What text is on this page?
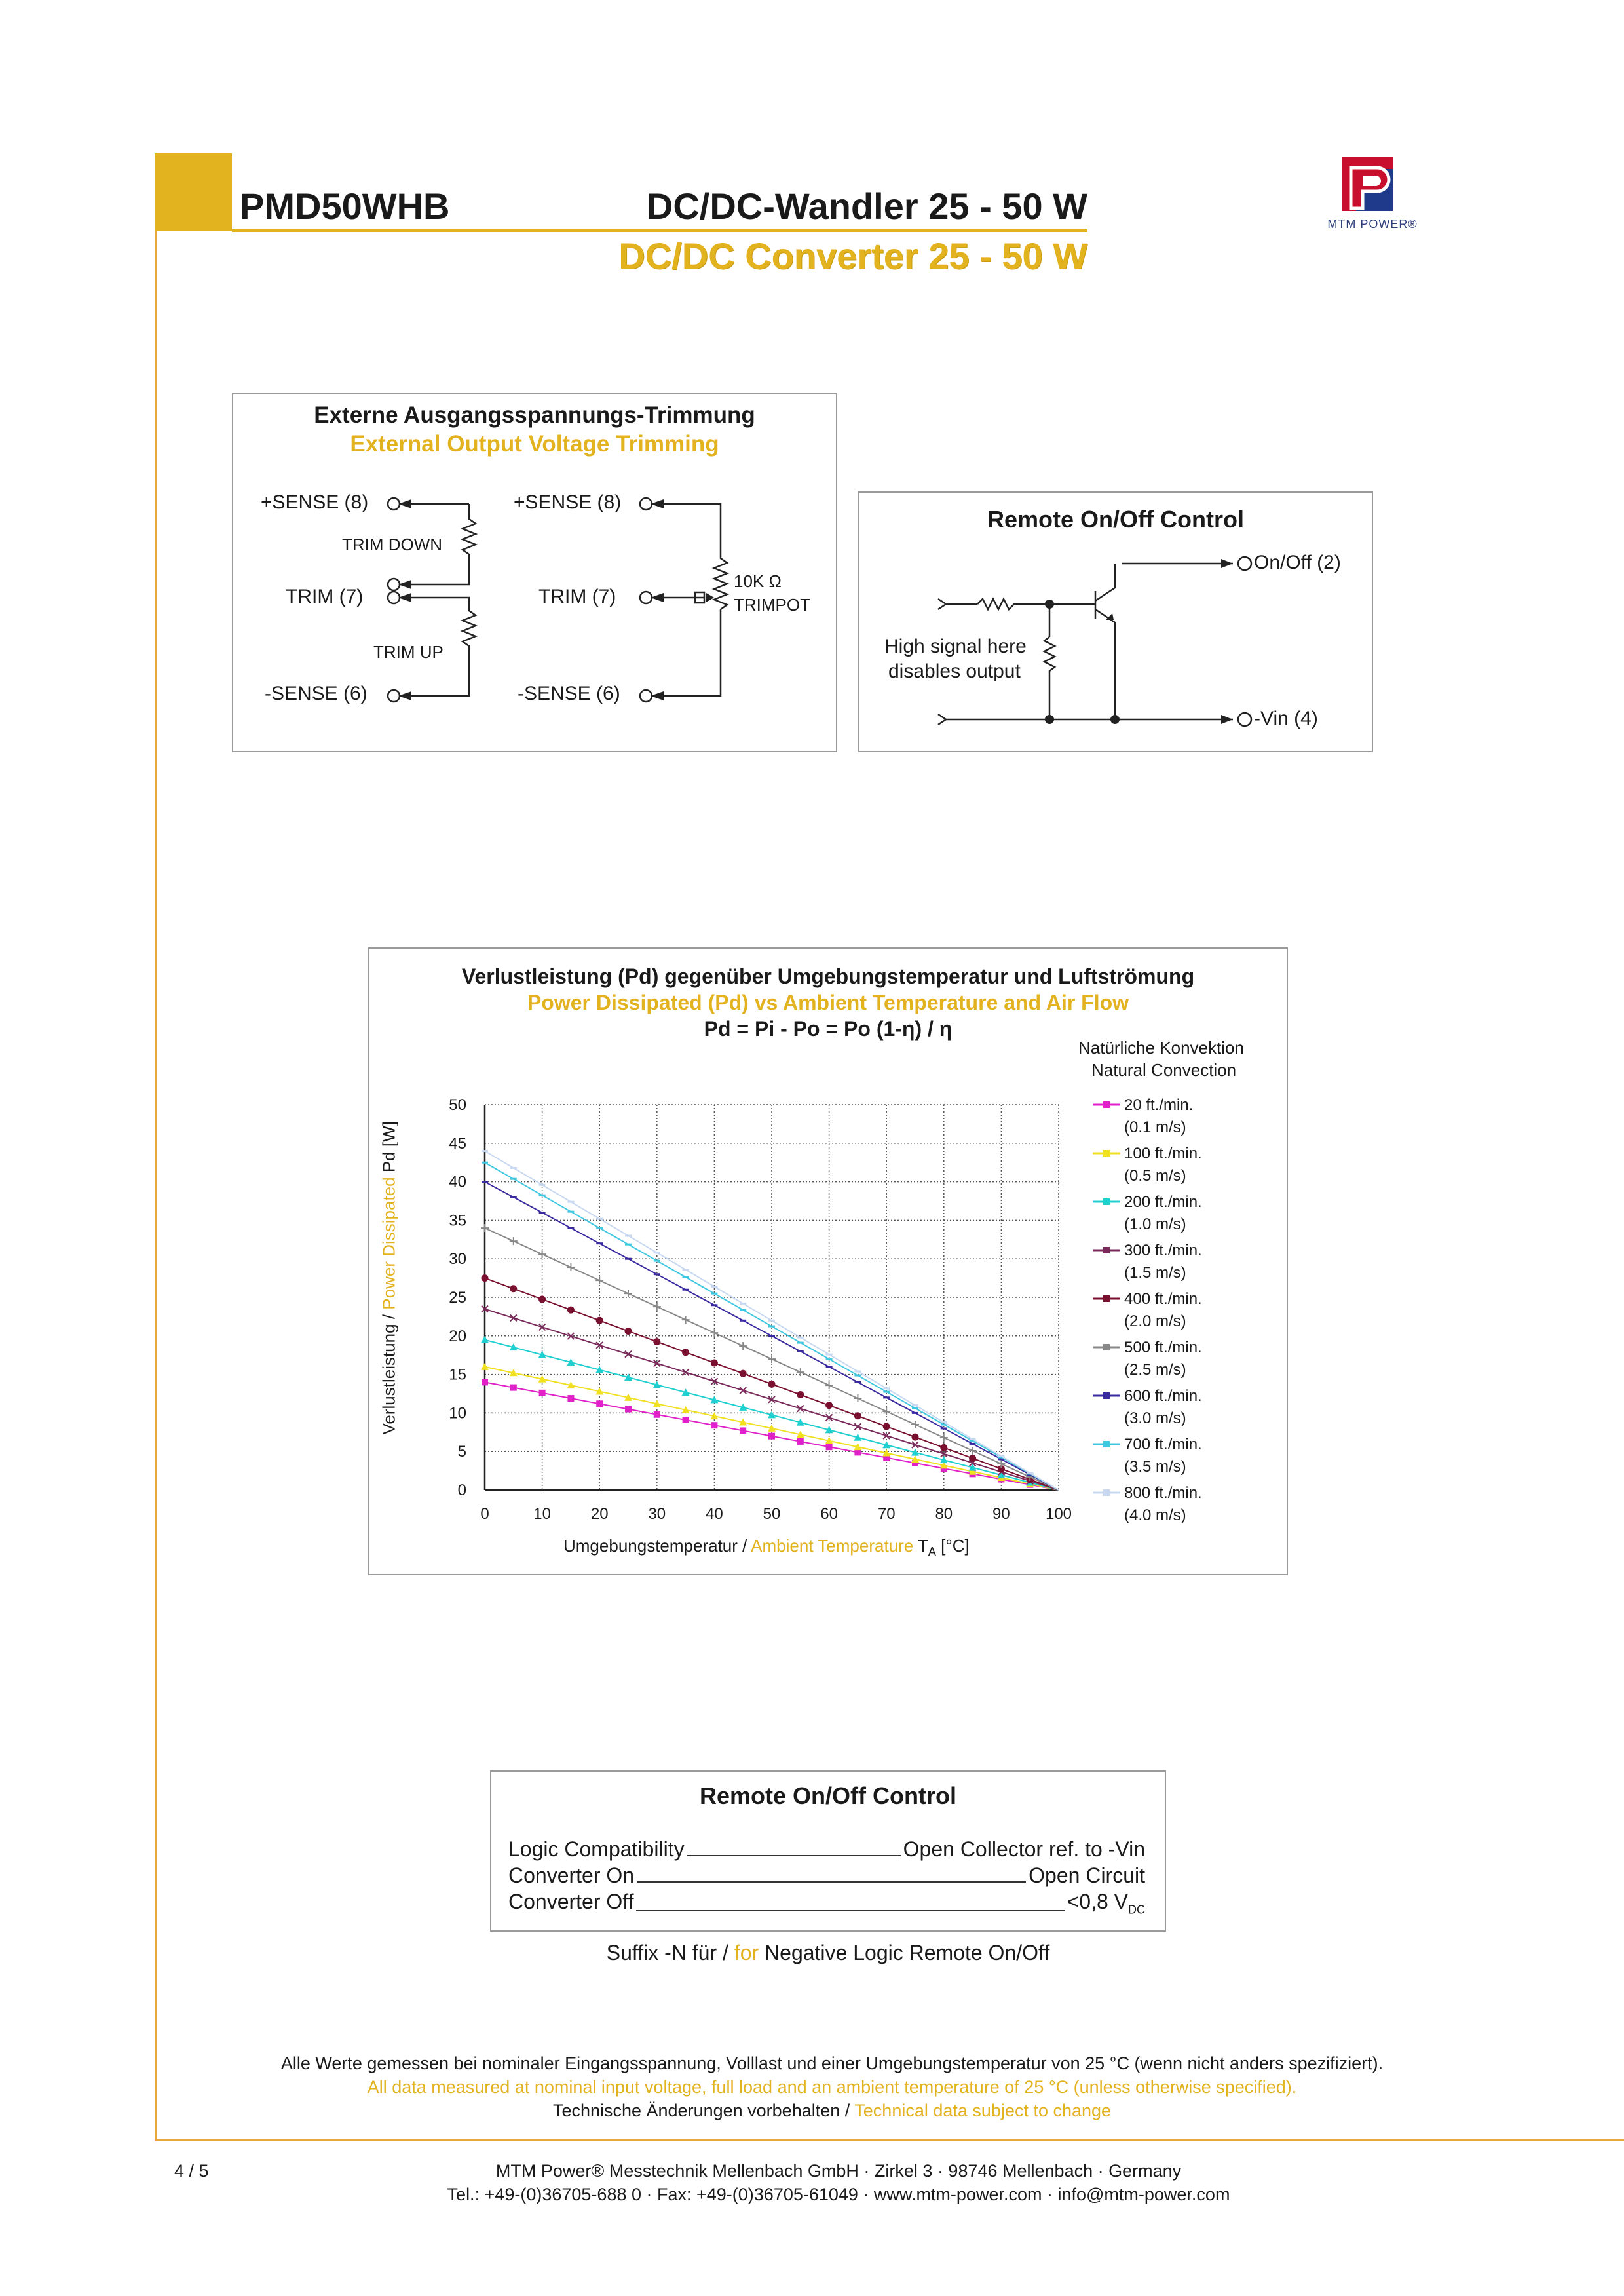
PMD50WHB	DC/DC-Wandler 25 - 50 W
DC/DC Converter 25 - 50 W
MTM POWER®
Externe Ausgangsspannungs-Trimmung
External Output Voltage Trimming
+SENSE (8)
TRIM DOWN
TRIM (7)
TRIM UP
-SENSE (6)
+SENSE (8)
TRIM (7)
-SENSE (6)
10K Ω
TRIMPOT
Remote On/Off Control
On/Off (2)
-Vin (4)
High signal here
disables output
Verlustleistung (Pd) gegenüber Umgebungstemperatur und Luftströmung
Power Dissipated (Pd) vs Ambient Temperature and Air Flow
Pd = Pi - Po = Po (1-η) / η
0	10	20	30	40	50	60	70	80	90 100
0
5
10
15
20
25
30
35
40
45
50	20 ft./min.
(0.1 m/s)
100 ft./min.
(0.5 m/s)
200 ft./min.
(1.0 m/s)
300 ft./min.
(1.5 m/s)
400 ft./min.
(2.0 m/s)
500 ft./min.
(2.5 m/s)
600 ft./min.
(3.0 m/s)
700 ft./min.
(3.5 m/s)
800 ft./min.
(4.0 m/s)
Natürliche Konvektion
Natural Convection
Umgebungstemperatur / Ambient Temperature $T_A$ [°C]
Verlustleistung / Power Dissipated Pd [W]
Remote On/Off Control
Logic Compatibility	Open Collector ref. to -Vin
Converter On	Open Circuit
Converter Off	<0,8 $V_{DC}$
Suffix -N für / for Negative Logic Remote On/Off
Alle Werte gemessen bei nominaler Eingangsspannung, Volllast und einer Umgebungstemperatur von 25 °C (wenn nicht anders spezifiziert).
All data measured at nominal input voltage, full load and an ambient temperature of 25 °C (unless otherwise specified).
Technische Änderungen vorbehalten / Technical data subject to change
4 / 5	MTM Power® Messtechnik Mellenbach GmbH · Zirkel 3 · 98746 Mellenbach · Germany
Tel.: +49-(0)36705-688 0 · Fax: +49-(0)36705-61049 · www.mtm-power.com · info@mtm-power.com
